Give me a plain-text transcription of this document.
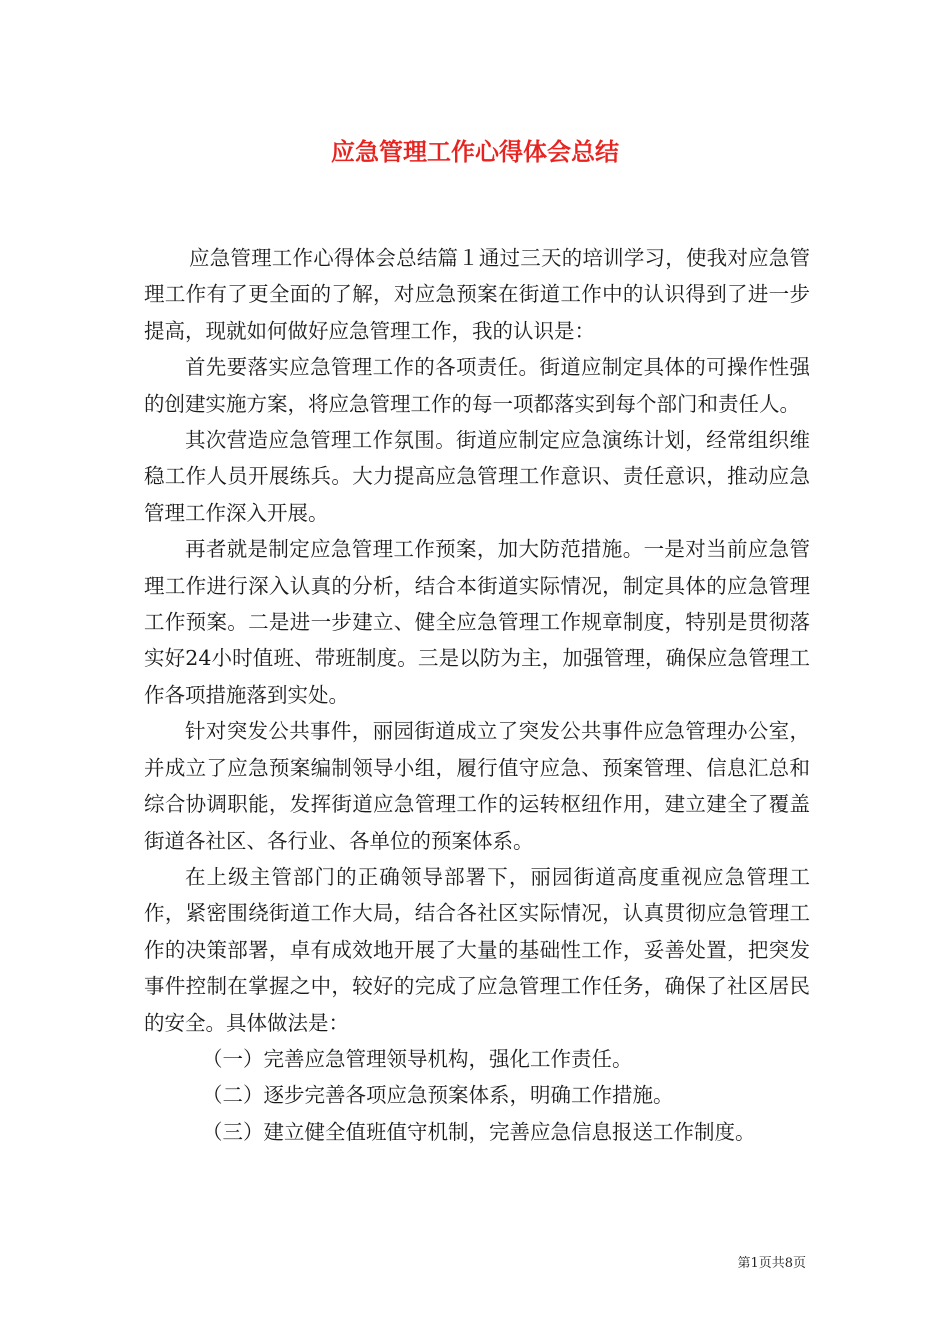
应急管理工作心得体会总结

应急管理工作心得体会总结篇１通过三天的培训学习，使我对应急管理工作有了更全面的了解，对应急预案在街道工作中的认识得到了进一步提高，现就如何做好应急管理工作，我的认识是：

首先要落实应急管理工作的各项责任。街道应制定具体的可操作性强的创建实施方案，将应急管理工作的每一项都落实到每个部门和责任人。

其次营造应急管理工作氛围。街道应制定应急演练计划，经常组织维稳工作人员开展练兵。大力提高应急管理工作意识、责任意识，推动应急管理工作深入开展。

再者就是制定应急管理工作预案，加大防范措施。一是对当前应急管理工作进行深入认真的分析，结合本街道实际情况，制定具体的应急管理工作预案。二是进一步建立、健全应急管理工作规章制度，特别是贯彻落实好24小时值班、带班制度。三是以防为主，加强管理，确保应急管理工作各项措施落到实处。

针对突发公共事件，丽园街道成立了突发公共事件应急管理办公室，并成立了应急预案编制领导小组，履行值守应急、预案管理、信息汇总和综合协调职能，发挥街道应急管理工作的运转枢纽作用，建立建全了覆盖街道各社区、各行业、各单位的预案体系。

在上级主管部门的正确领导部署下，丽园街道高度重视应急管理工作，紧密围绕街道工作大局，结合各社区实际情况，认真贯彻应急管理工作的决策部署，卓有成效地开展了大量的基础性工作，妥善处置，把突发事件控制在掌握之中，较好的完成了应急管理工作任务，确保了社区居民的安全。具体做法是：

（一）完善应急管理领导机构，强化工作责任。

（二）逐步完善各项应急预案体系，明确工作措施。

（三）建立健全值班值守机制，完善应急信息报送工作制度。

第1页共8页
